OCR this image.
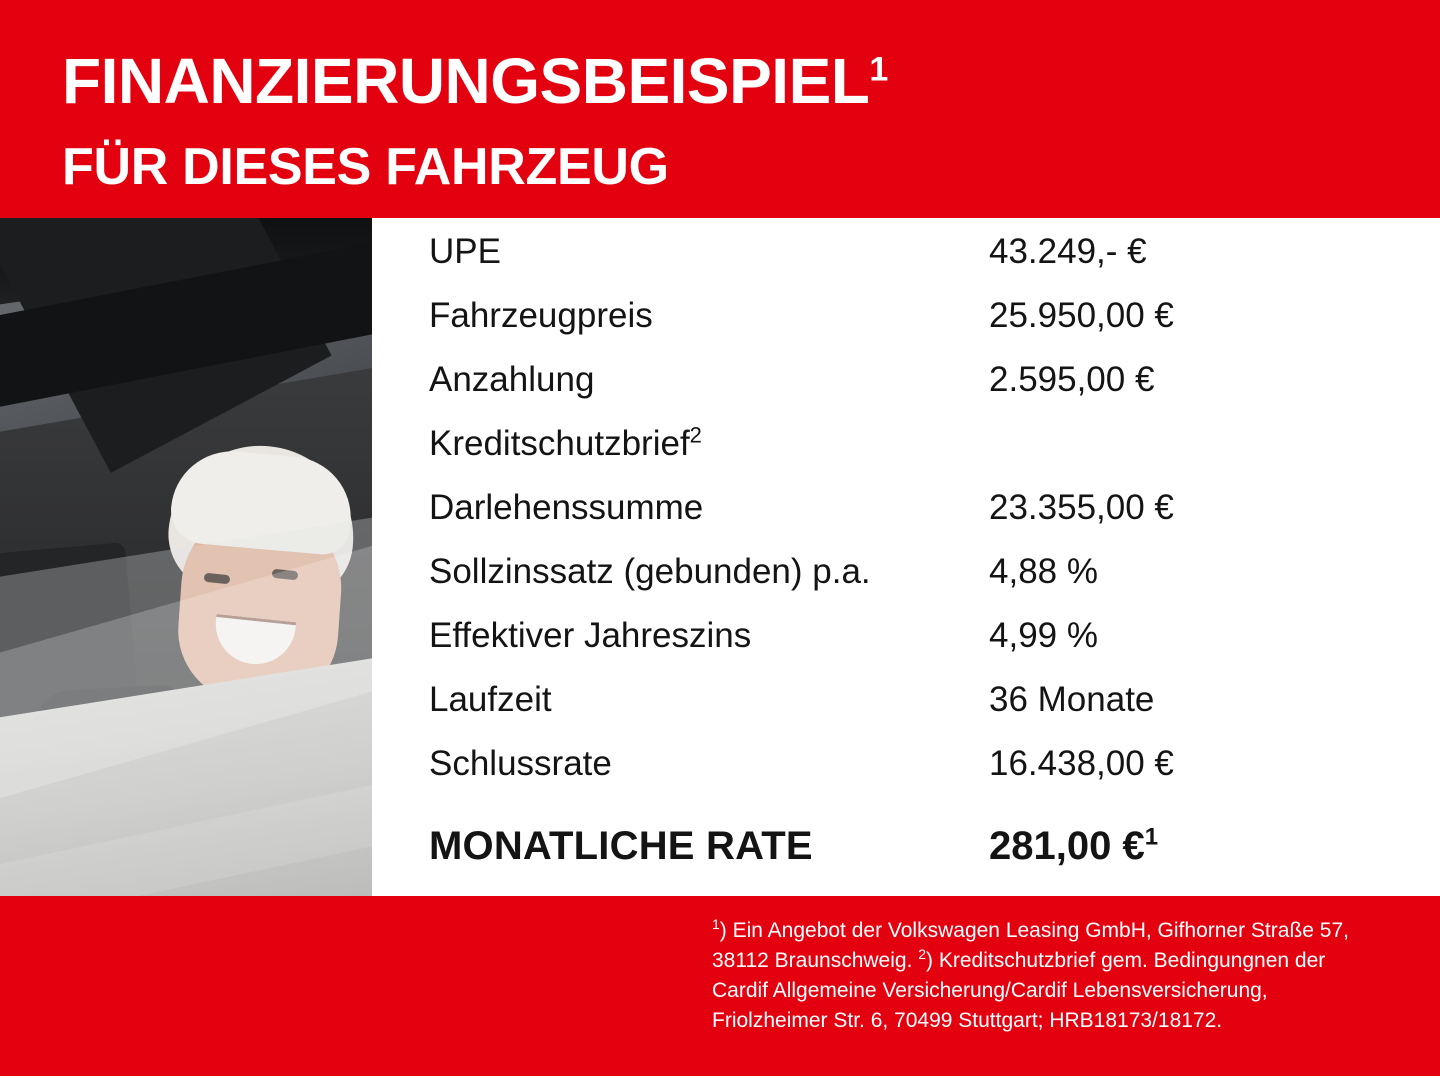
FINANZIERUNGSBEISPIEL$^1$
FÜR DIESES FAHRZEUG
UPE	43.249,- €
Fahrzeugpreis	25.950,00 €
Anzahlung	2.595,00 €
Kreditschutzbrief$^2$
Darlehenssumme	23.355,00 €
Sollzinssatz (gebunden) p.a.	4,88 %
Effektiver Jahreszins	4,99 %
Laufzeit	36 Monate
Schlussrate	16.438,00 €
MONATLICHE RATE	281,00 €$^1$
$^1$) Ein Angebot der Volkswagen Leasing GmbH, Gifhorner Straße 57, 38112 Braunschweig. $^2$) Kreditschutzbrief gem. Bedingungnen der Cardif Allgemeine Versicherung/Cardif Lebensversicherung, Friolzheimer Str. 6, 70499 Stuttgart; HRB18173/18172.
